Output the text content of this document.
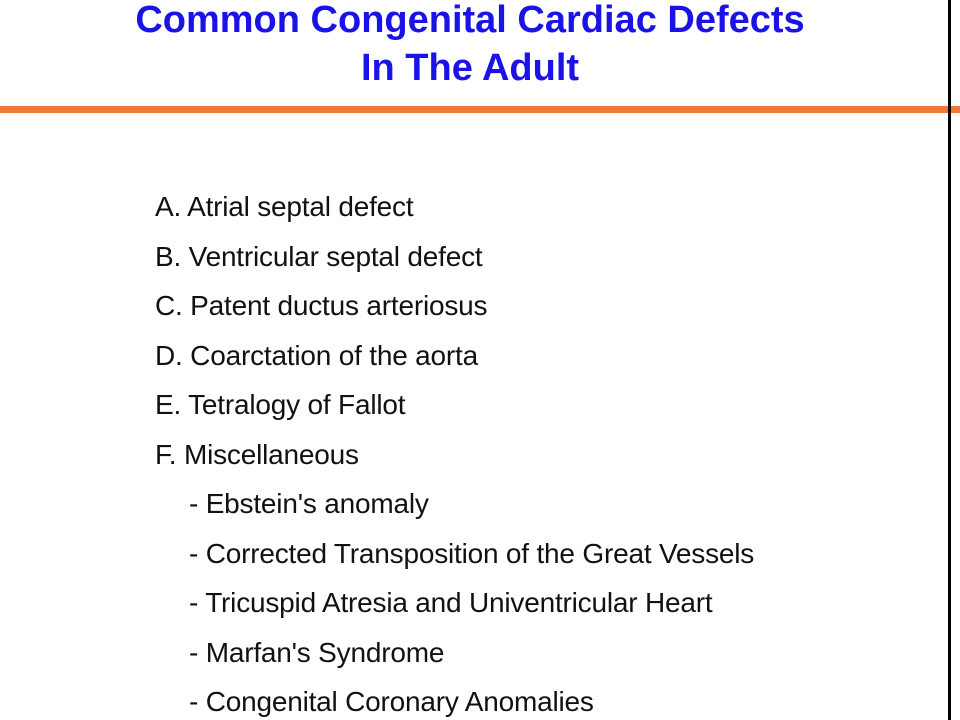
Common Congenital Cardiac Defects
In The Adult
A. Atrial septal defect
B. Ventricular septal defect
C. Patent ductus arteriosus
D. Coarctation of the aorta
E. Tetralogy of Fallot
F. Miscellaneous
- Ebstein's anomaly
- Corrected Transposition of the Great Vessels
- Tricuspid Atresia and Univentricular Heart
- Marfan's Syndrome
- Congenital Coronary Anomalies
